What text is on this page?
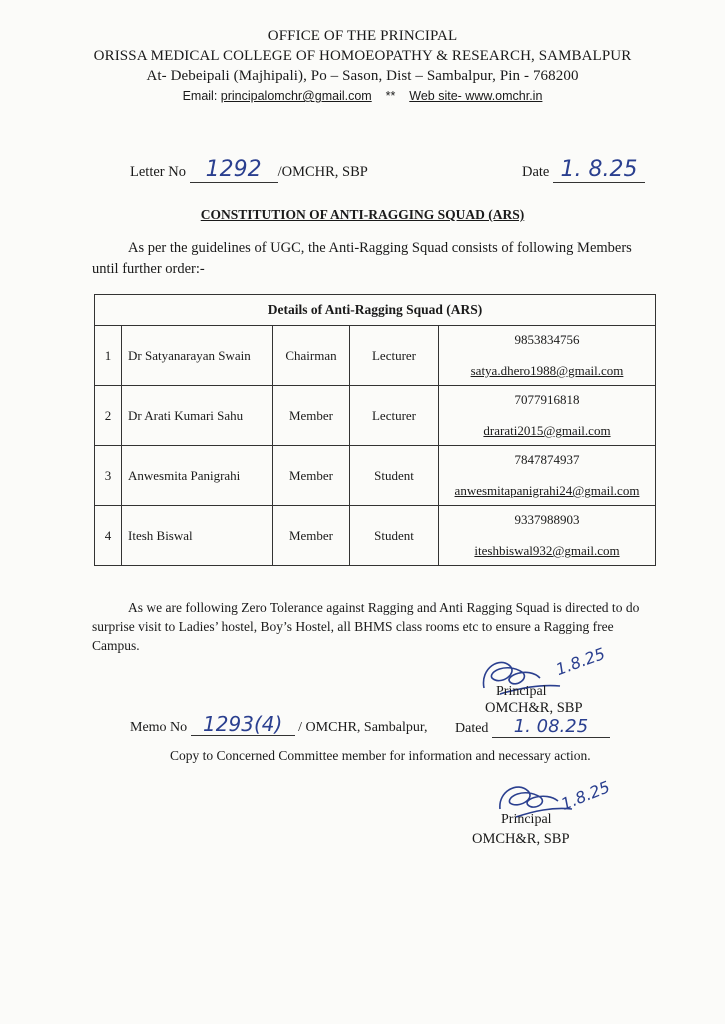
OFFICE OF THE PRINCIPAL
ORISSA MEDICAL COLLEGE OF HOMOEOPATHY & RESEARCH, SAMBALPUR
At- Debeipali (Majhipali), Po – Sason, Dist – Sambalpur, Pin - 768200
Email: principalomchr@gmail.com ** Web site- www.omchr.in
Letter No 1292 /OMCHR, SBP	Date 1. 8.25
CONSTITUTION OF ANTI-RAGGING SQUAD (ARS)
As per the guidelines of UGC, the Anti-Ragging Squad consists of following Members until further order:-
Details of Anti-Ragging Squad (ARS)				
1	Dr Satyanarayan Swain	Chairman	Lecturer	9853834756
satya.dhero1988@gmail.com

2	Dr Arati Kumari Sahu	Member	Lecturer	7077916818
drarati2015@gmail.com

3	Anwesmita Panigrahi	Member	Student	7847874937
anwesmitapanigrahi24@gmail.com

4	Itesh Biswal	Member	Student	9337988903
iteshbiswal932@gmail.com
As we are following Zero Tolerance against Ragging and Anti Ragging Squad is directed to do surprise visit to Ladies’ hostel, Boy’s Hostel, all BHMS class rooms etc to ensure a Ragging free Campus.	1.8.25
Principal
OMCH&R, SBP
Memo No 1293(4) / OMCHR, Sambalpur, Dated 1. 08.25
Copy to Concerned Committee member for information and necessary action.
1.8.25
Principal
OMCH&R, SBP
